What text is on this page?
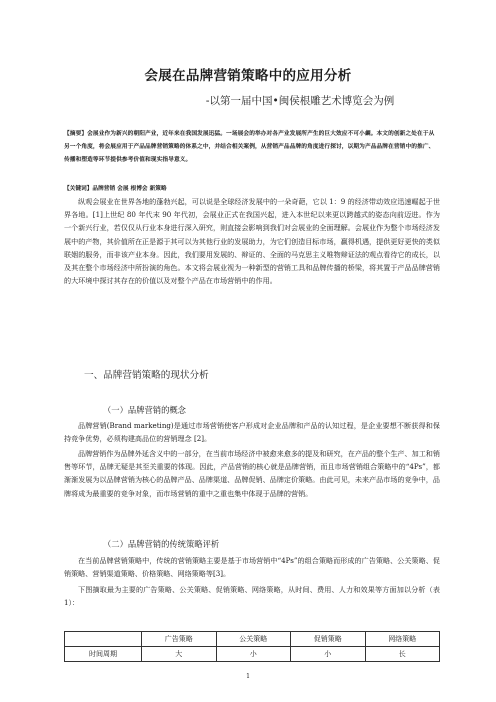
会展在品牌营销策略中的应用分析
-以第一届中国•闽侯根雕艺术博览会为例
【摘要】会展业作为新兴的朝阳产业，近年来在我国发展迅猛。一场展会的举办对各产业发展所产生的巨大效应不可小觑。本文的创新之处在于从另一个角度，将会展应用于产品品牌营销策略的体系之中，并结合相关案例，从营销产品品牌的角度进行探讨，以期为产品品牌在营销中的推广、传播和塑造等环节提供参考价值和现实指导意义。
【关键词】品牌营销 会展 根博会 新策略
纵观会展业在世界各地的蓬勃兴起，可以说是全球经济发展中的一朵奇葩，它以 1：9 的经济带动效应迅速崛起于世界各地。[1]上世纪 80 年代末 90 年代初，会展业正式在我国兴起，进入本世纪以来更以跨越式的姿态向前迈进。作为一个新兴行业，若仅仅从行业本身进行深入研究，则直接会影响到我们对会展业的全面理解。会展业作为整个市场经济发展中的产物，其价值所在正是源于其可以为其他行业的发展助力，为它们创造目标市场，赢得机遇，提供更好更快的类似联姻的服务，而非该产业本身。因此，我们要用发展的、辩证的、全面的马克思主义唯物辩证法的观点看待它的成长，以及其在整个市场经济中所扮演的角色。本文将会展业视为一种新型的营销工具和品牌传播的桥梁，将其置于产品品牌营销的大环境中探讨其存在的价值以及对整个产品在市场营销中的作用。
一、品牌营销策略的现状分析
（一）品牌营销的概念
品牌营销(Brand marketing)是通过市场营销使客户形成对企业品牌和产品的认知过程，是企业要想不断获得和保持竞争优势，必须构建高品位的营销理念 [2]。
品牌营销作为品牌外延含义中的一部分，在当前市场经济中被愈来愈多的提及和研究，在产品的整个生产、加工和销售等环节，品牌无疑是其至关重要的体现。因此，产品营销的核心就是品牌营销，而且市场营销组合策略中的“4Ps”，都渐渐发展为以品牌营销为核心的品牌产品、品牌渠道、品牌促销、品牌定价策略。由此可见，未来产品市场的竞争中，品牌将成为最重要的竞争对象，而市场营销的重中之重也集中体现于品牌的营销。
（二）品牌营销的传统策略评析
在当前品牌营销策略中，传统的营销策略主要是基于市场营销中“4Ps”的组合策略而形成的广告策略、公关策略、促销策略、营销渠道策略、价格策略、网络策略等[3]。
下图摘取最为主要的广告策略、公关策略、促销策略、网络策略，从时间、费用、人力和效果等方面加以分析（表 1）：
	广告策略	公关策略	促销策略	网络策略
时间周期	大	小	小	长
1
